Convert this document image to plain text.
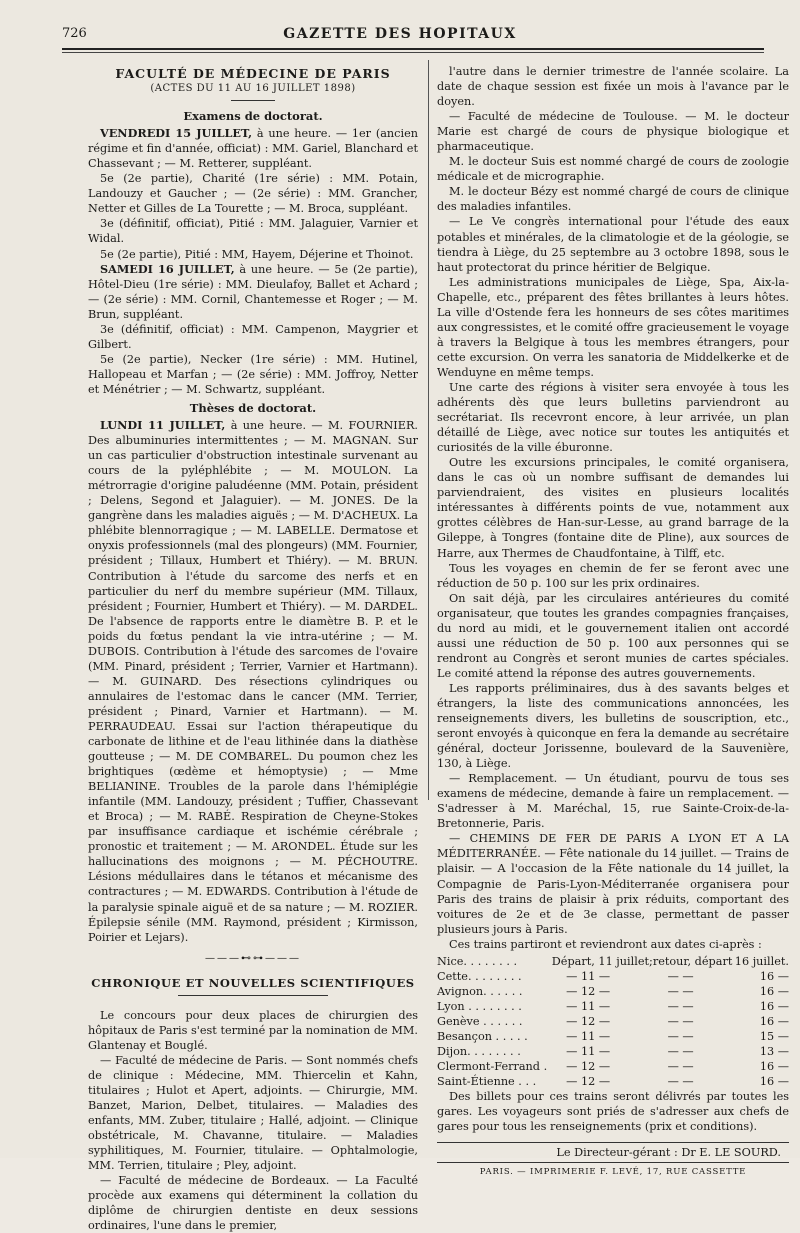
726	GAZETTE DES HOPITAUX

FACULTÉ DE MÉDECINE DE PARIS

(ACTES DU 11 AU 16 JUILLET 1898)

Examens de doctorat.

VENDREDI 15 JUILLET, à une heure. — 1er (ancien régime et fin d'année, officiat) : MM. Gariel, Blanchard et Chassevant ; — M. Retterer, suppléant.

5e (2e partie), Charité (1re série) : MM. Potain, Landouzy et Gaucher ; — (2e série) : MM. Grancher, Netter et Gilles de La Tourette ; — M. Broca, suppléant.

3e (définitif, officiat), Pitié : MM. Jalaguier, Varnier et Widal.

5e (2e partie), Pitié : MM, Hayem, Déjerine et Thoinot.

SAMEDI 16 JUILLET, à une heure. — 5e (2e partie), Hôtel-Dieu (1re série) : MM. Dieulafoy, Ballet et Achard ; — (2e série) : MM. Cornil, Chantemesse et Roger ; — M. Brun, suppléant.

3e (définitif, officiat) : MM. Campenon, Maygrier et Gilbert.

5e (2e partie), Necker (1re série) : MM. Hutinel, Hallopeau et Marfan ; — (2e série) : MM. Joffroy, Netter et Ménétrier ; — M. Schwartz, suppléant.

Thèses de doctorat.

LUNDI 11 JUILLET, à une heure. — M. FOURNIER. Des albuminuries intermittentes ; — M. MAGNAN. Sur un cas particulier d'obstruction intestinale survenant au cours de la pyléphlébite ; — M. MOULON. La métrorragie d'origine paludéenne (MM. Potain, président ; Delens, Segond et Jalaguier). — M. JONES. De la gangrène dans les maladies aiguës ; — M. D'ACHEUX. La phlébite blennorragique ; — M. LABELLE. Dermatose et onyxis professionnels (mal des plongeurs) (MM. Fournier, président ; Tillaux, Humbert et Thiéry). — M. BRUN. Contribution à l'étude du sarcome des nerfs et en particulier du nerf du membre supérieur (MM. Tillaux, président ; Fournier, Humbert et Thiéry). — M. DARDEL. De l'absence de rapports entre le diamètre B. P. et le poids du fœtus pendant la vie intra-utérine ; — M. DUBOIS. Contribution à l'étude des sarcomes de l'ovaire (MM. Pinard, président ; Terrier, Varnier et Hartmann). — M. GUINARD. Des résections cylindriques ou annulaires de l'estomac dans le cancer (MM. Terrier, président ; Pinard, Varnier et Hartmann). — M. PERRAUDEAU. Essai sur l'action thérapeutique du carbonate de lithine et de l'eau lithinée dans la diathèse goutteuse ; — M. DE COMBAREL. Du poumon chez les brightiques (œdème et hémoptysie) ; — Mme BELIANINE. Troubles de la parole dans l'hémiplégie infantile (MM. Landouzy, président ; Tuffier, Chassevant et Broca) ; — M. RABÉ. Respiration de Cheyne-Stokes par insuffisance cardiaque et ischémie cérébrale ; pronostic et traitement ; — M. ARONDEL. Étude sur les hallucinations des moignons ; — M. PÉCHOUTRE. Lésions médullaires dans le tétanos et mécanisme des contractures ; — M. EDWARDS. Contribution à l'étude de la paralysie spinale aiguë et de sa nature ; — M. ROZIER. Épilepsie sénile (MM. Raymond, président ; Kirmisson, Poirier et Lejars).

———⊷⊶———

CHRONIQUE ET NOUVELLES SCIENTIFIQUES

Le concours pour deux places de chirurgien des hôpitaux de Paris s'est terminé par la nomination de MM. Glantenay et Bouglé.

— Faculté de médecine de Paris. — Sont nommés chefs de clinique : Médecine, MM. Thiercelin et Kahn, titulaires ; Hulot et Apert, adjoints. — Chirurgie, MM. Banzet, Marion, Delbet, titulaires. — Maladies des enfants, MM. Zuber, titulaire ; Hallé, adjoint. — Clinique obstétricale, M. Chavanne, titulaire. — Maladies syphilitiques, M. Fournier, titulaire. — Ophtalmologie, MM. Terrien, titulaire ; Pley, adjoint.

— Faculté de médecine de Bordeaux. — La Faculté procède aux examens qui déterminent la collation du diplôme de chirurgien dentiste en deux sessions ordinaires, l'une dans le premier,

l'autre dans le dernier trimestre de l'année scolaire. La date de chaque session est fixée un mois à l'avance par le doyen.

— Faculté de médecine de Toulouse. — M. le docteur Marie est chargé de cours de physique biologique et pharmaceutique.

M. le docteur Suis est nommé chargé de cours de zoologie médicale et de micrographie.

M. le docteur Bézy est nommé chargé de cours de clinique des maladies infantiles.

— Le Ve congrès international pour l'étude des eaux potables et minérales, de la climatologie et de la géologie, se tiendra à Liège, du 25 septembre au 3 octobre 1898, sous le haut protectorat du prince héritier de Belgique.

Les administrations municipales de Liège, Spa, Aix-la-Chapelle, etc., préparent des fêtes brillantes à leurs hôtes. La ville d'Ostende fera les honneurs de ses côtes maritimes aux congressistes, et le comité offre gracieusement le voyage à travers la Belgique à tous les membres étrangers, pour cette excursion. On verra les sanatoria de Middelkerke et de Wenduyne en même temps.

Une carte des régions à visiter sera envoyée à tous les adhérents dès que leurs bulletins parviendront au secrétariat. Ils recevront encore, à leur arrivée, un plan détaillé de Liège, avec notice sur toutes les antiquités et curiosités de la ville éburonne.

Outre les excursions principales, le comité organisera, dans le cas où un nombre suffisant de demandes lui parviendraient, des visites en plusieurs localités intéressantes à différents points de vue, notamment aux grottes célèbres de Han-sur-Lesse, au grand barrage de la Gileppe, à Tongres (fontaine dite de Pline), aux sources de Harre, aux Thermes de Chaudfontaine, à Tilff, etc.

Tous les voyages en chemin de fer se feront avec une réduction de 50 p. 100 sur les prix ordinaires.

On sait déjà, par les circulaires antérieures du comité organisateur, que toutes les grandes compagnies françaises, du nord au midi, et le gouvernement italien ont accordé aussi une réduction de 50 p. 100 aux personnes qui se rendront au Congrès et seront munies de cartes spéciales. Le comité attend la réponse des autres gouvernements.

Les rapports préliminaires, dus à des savants belges et étrangers, la liste des communications annoncées, les renseignements divers, les bulletins de souscription, etc., seront envoyés à quiconque en fera la demande au secrétaire général, docteur Jorissenne, boulevard de la Sauvenière, 130, à Liège.

— Remplacement. — Un étudiant, pourvu de tous ses examens de médecine, demande à faire un remplacement. — S'adresser à M. Maréchal, 15, rue Sainte-Croix-de-la-Bretonnerie, Paris.

— CHEMINS DE FER DE PARIS A LYON ET A LA MÉDITERRANÉE. — Fête nationale du 14 juillet. — Trains de plaisir. — A l'occasion de la Fête nationale du 14 juillet, la Compagnie de Paris-Lyon-Méditerranée organisera pour Paris des trains de plaisir à prix réduits, comportant des voitures de 2e et de 3e classe, permettant de passer plusieurs jours à Paris.

Ces trains partiront et reviendront aux dates ci-après :

Nice. . . . . . . .	Départ, 11 juillet; retour, départ 16 juillet.
Cette. . . . . . . .	— 11 —	— —	16 —
Avignon. . . . . .	— 12 —	— —	16 —
Lyon . . . . . . . .	— 11 —	— —	16 —
Genève . . . . . .	— 12 —	— —	16 —
Besançon . . . . .	— 11 —	— —	15 —
Dijon. . . . . . . .	— 11 —	— —	13 —
Clermont-Ferrand .	— 12 —	— —	16 —
Saint-Étienne . . .	— 12 —	— —	16 —

Des billets pour ces trains seront délivrés par toutes les gares. Les voyageurs sont priés de s'adresser aux chefs de gares pour tous les renseignements (prix et conditions).

Le Directeur-gérant : Dr E. LE SOURD.
PARIS. — IMPRIMERIE F. LEVÉ, 17, RUE CASSETTE
